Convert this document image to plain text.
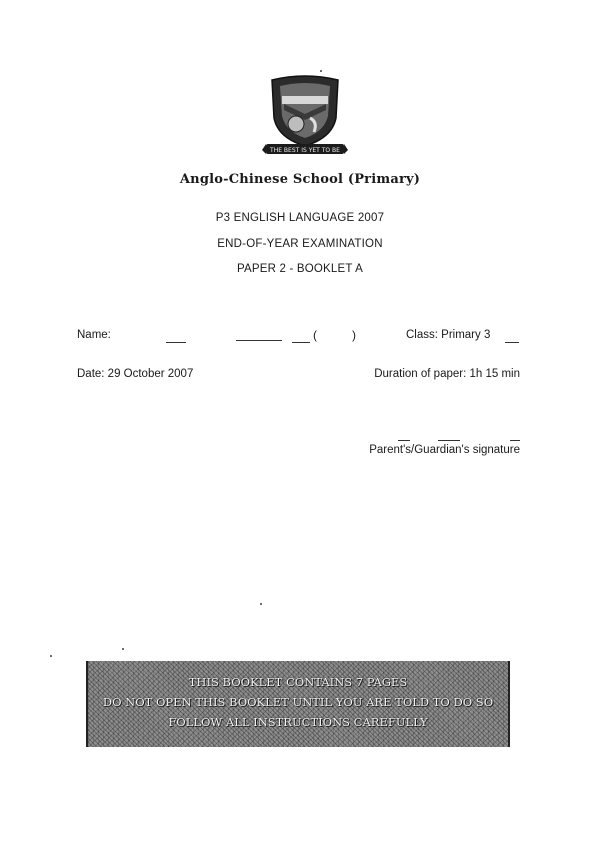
THE BEST IS YET TO BE
Anglo-Chinese School (Primary)
P3 ENGLISH LANGUAGE 2007
END-OF-YEAR EXAMINATION
PAPER 2 - BOOKLET A
Name:	(	)	Class: Primary 3
Date: 29 October 2007	Duration of paper: 1h 15 min
Parent's/Guardian's signature
THIS BOOKLET CONTAINS 7 PAGES
DO NOT OPEN THIS BOOKLET UNTIL YOU ARE TOLD TO DO SO
FOLLOW ALL INSTRUCTIONS CAREFULLY
